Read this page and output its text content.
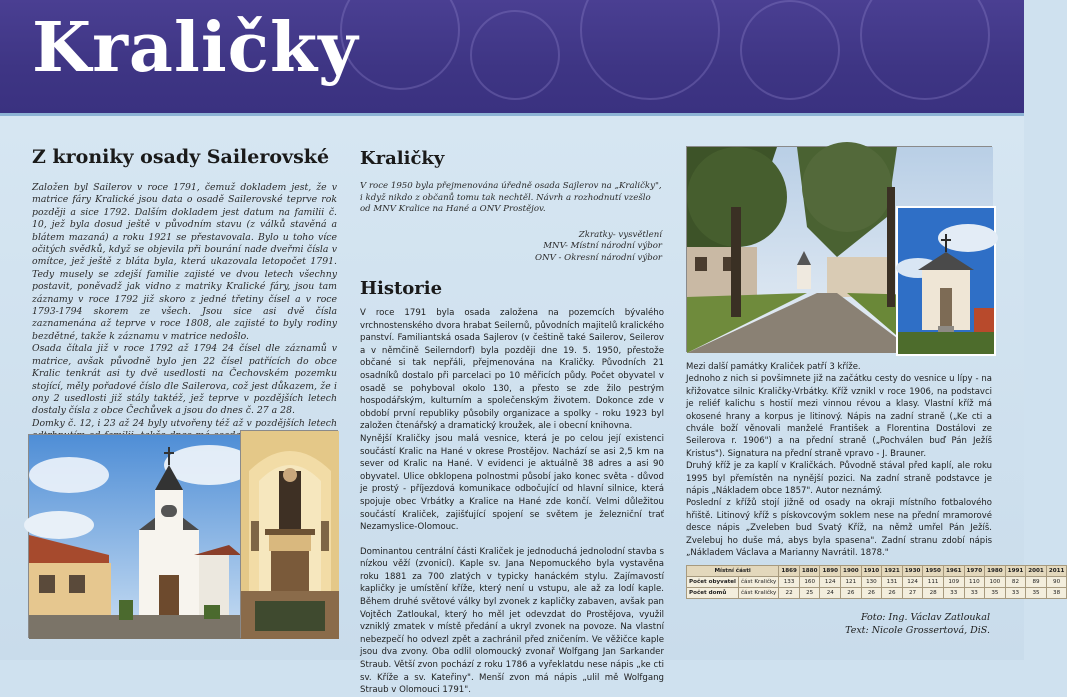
Kraličky
Z kroniky osady Sailerovské

Založen byl Sailerov v roce 1791, čemuž dokladem jest, že v matrice fáry Kralické jsou data o osadě Sailerovské teprve rok později a sice 1792. Dalším dokladem jest datum na familii č. 10, jež byla dosud ještě v původním stavu (z válků stavěná a blátem mazaná) a roku 1921 se přestavovala. Bylo u toho více očitých svědků, když se objevila při bourání nade dveřmi čísla v omítce, jež ještě z bláta byla, která ukazovala letopočet 1791. Tedy musely se zdejší familie zajisté ve dvou letech všechny postavit, poněvadž jak vidno z matriky Kralické fáry, jsou tam záznamy v roce 1792 již skoro z jedné třetiny čísel a v roce 1793-1794 skorem ze všech. Jsou sice asi dvě čísla zaznamenána až teprve v roce 1808, ale zajisté to byly rodiny bezdětné, takže k záznamu v matrice nedošlo.

Osada čítala již v roce 1792 až 1794 24 čísel dle záznamů v matrice, avšak původně bylo jen 22 čísel patřících do obce Kralic tenkrát asi ty dvě usedlosti na Čechovském pozemku stojící, měly pořadové číslo dle Sailerova, což jest důkazem, že i ony 2 usedlosti již stály taktéž, jež teprve v pozdějších letech dostaly čísla z obce Čechůvek a jsou do dnes č. 27 a 28.

Domky č. 12, i 23 až 24 byly utvořeny též až v pozdějších letech

Kraličky
V roce 1950 byla přejmenována úředně osada Sajlerov na „Kraličky", i když nikdo z občanů tomu tak nechtěl. Návrh a rozhodnutí vzešlo od MNV Kralice na Hané a ONV Prostějov.
Zkratky- vysvětlení
MNV- Místní národní výbor
ONV - Okresní národní výbor
Historie

V roce 1791 byla osada založena na pozemcích bývalého vrchnostenského dvora hrabat Seilernů, původních majitelů kralického panství. Familiantská osada Sajlerov (v češtině také Sailerov, Seilerov a v němčině Seilerndorf) byla později dne 19. 5. 1950, přestože občané si tak nepřáli, přejmenována na Kraličky. Původních 21 osadníků dostalo při parcelaci po 10 měřicích půdy. Počet obyvatel v osadě se pohyboval okolo 130, a přesto se zde žilo pestrým hospodářským, kulturním a společenským životem. Dokonce zde v období první republiky působily organizace a spolky - roku 1923 byl založen čtenářský a dramatický kroužek, ale i obecní knihovna.

Nynější Kraličky jsou malá vesnice, která je po celou její existenci součástí Kralic na Hané v okrese Prostějov. Nachází se asi 2,5 km na sever od Kralic na Hané. V evidenci je aktuálně 38 adres a asi 90 obyvatel. Ulice obklopena polnostmi působí jako konec světa - důvod je prostý - příjezdová komunikace odbočující od hlavní silnice, která spojuje obec Vrbátky a Kralice na Hané zde končí. Velmi důležitou součástí Kraliček, zajišťující spojení se světem je železniční trať Nezamyslice-Olomouc.

Dominantou centrální části Kraliček je jednoduchá jednolodní stavba s nízkou věží (zvonicí). Kaple sv. Jana Nepomuckého byla vystavěna roku 1881 za 700 zlatých v typicky hanáckém stylu. Zajímavostí kapličky je umístění kříže, který není u vstupu, ale až za lodí kaple. Během druhé světové války byl zvonek z kapličky zabaven, avšak pan Vojtěch Zatloukal, který ho měl jet odevzdat do Prostějova, využil vzniklý zmatek v místě předání a ukryl zvonek na povoze. Na vlastní nebezpečí ho odvezl zpět a zachránil před zničením. Ve věžičce kaple jsou dva zvony. Oba odlil olomoucký zvonař Wolfgang Jan Sarkander Straub. Větší zvon pochází z roku 1786 a vyřeklatdu nese nápis „ke cti sv. Kříže a sv. Kateřiny". Menší zvon má nápis „ulil mě Wolfgang Straub v Olomouci 1791".

Mezi další památky Kraliček patří 3 kříže.

Jednoho z nich si povšimnete již na začátku cesty do vesnice u lípy - na křižovatce silnic Kraličky-Vrbátky. Kříž vznikl v roce 1906, na podstavci je reliéf kalichu s hostií mezi vinnou révou a klasy. Vlastní kříž má okosené hrany a korpus je litinový. Nápis na zadní straně („Ke cti a chvále boží věnovali manželé František a Florentina Dostálovi ze Seilerova r. 1906") a na přední straně („Pochválen buď Pán Ježíš Kristus"). Signatura na přední straně vpravo - J. Brauner.

Druhý kříž je za kaplí v Kraličkách. Původně stával před kaplí, ale roku 1995 byl přemístěn na nynější pozici. Na zadní straně podstavce je nápis „Nákladem obce 1857". Autor neznámý.

Poslední z křížů stojí jižně od osady na okraji místního fotbalového hřiště. Litinový kříž s pískovcovým soklem nese na přední mramorové desce nápis „Zveleben bud Svatý Kříž, na němž umřel Pán Ježíš. Zvelebuj ho duše má, abys byla spasena". Zadní stranu zdobí nápis „Nákladem Václava a Marianny Navrátil. 1878."

Místní části		1869	1880	1890	1900	1910	1921	1930	1950	1961	1970	1980	1991	2001	2011
Počet obyvatel	část Kraličky	133	160	124	121	130	131	124	111	109	110	100	82	89	90
Počet domů	část Kraličky	22	25	24	26	26	26	27	28	33	33	35	33	35	38
Foto: Ing. Václav Zatloukal
Text: Nicole Grossertová, DiS.
